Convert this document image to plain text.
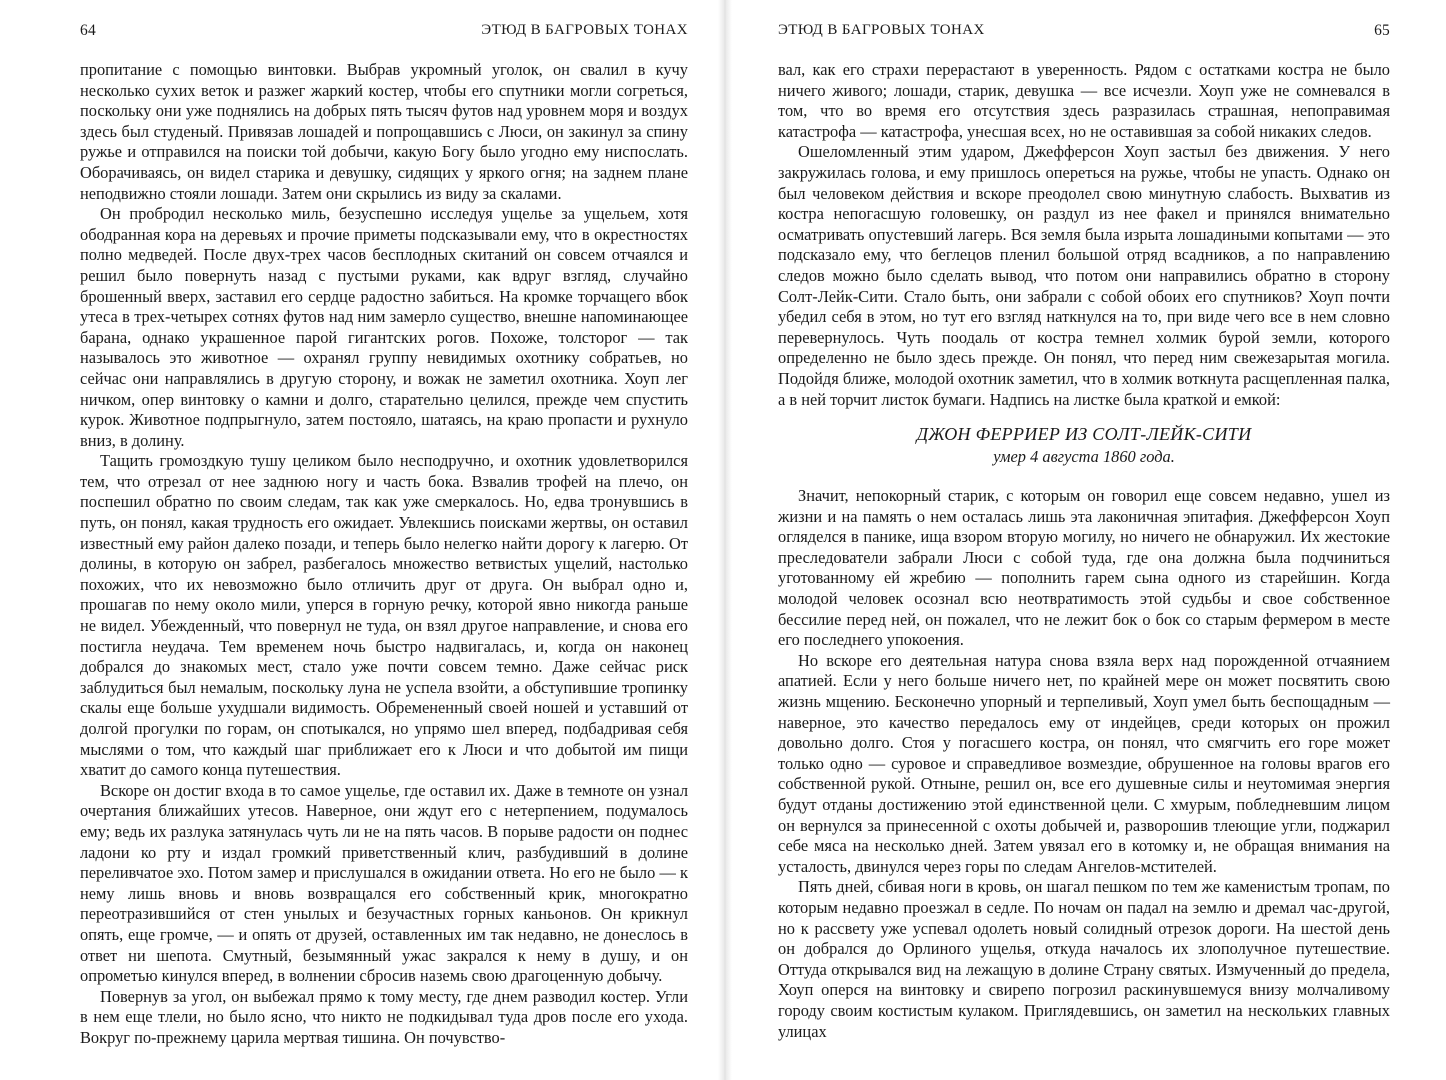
64	ЭТЮД В БАГРОВЫХ ТОНАХ

пропитание с помощью винтовки. Выбрав укромный уголок, он свалил в кучу несколько сухих веток и разжег жаркий костер, чтобы его спутники могли согреться, поскольку они уже поднялись на добрых пять тысяч футов над уровнем моря и воздух здесь был студеный. Привязав лошадей и попрощавшись с Люси, он закинул за спину ружье и отправился на поиски той добычи, какую Богу было угодно ему ниспослать. Оборачиваясь, он видел старика и девушку, сидящих у яркого огня; на заднем плане неподвижно стояли лошади. Затем они скрылись из виду за скалами.

Он пробродил несколько миль, безуспешно исследуя ущелье за ущельем, хотя ободранная кора на деревьях и прочие приметы подсказывали ему, что в окрестностях полно медведей. После двух-трех часов бесплодных скитаний он совсем отчаялся и решил было повернуть назад с пустыми руками, как вдруг взгляд, случайно брошенный вверх, заставил его сердце радостно забиться. На кромке торчащего вбок утеса в трех-четырех сотнях футов над ним замерло существо, внешне напоминающее барана, однако украшенное парой гигантских рогов. Похоже, толсторог — так называлось это животное — охранял группу невидимых охотнику собратьев, но сейчас они направлялись в другую сторону, и вожак не заметил охотника. Хоуп лег ничком, опер винтовку о камни и долго, старательно целился, прежде чем спустить курок. Животное подпрыгнуло, затем постояло, шатаясь, на краю пропасти и рухнуло вниз, в долину.

Тащить громоздкую тушу целиком было несподручно, и охотник удовлетворился тем, что отрезал от нее заднюю ногу и часть бока. Взвалив трофей на плечо, он поспешил обратно по своим следам, так как уже смеркалось. Но, едва тронувшись в путь, он понял, какая трудность его ожидает. Увлекшись поисками жертвы, он оставил известный ему район далеко позади, и теперь было нелегко найти дорогу к лагерю. От долины, в которую он забрел, разбегалось множество ветвистых ущелий, настолько похожих, что их невозможно было отличить друг от друга. Он выбрал одно и, прошагав по нему около мили, уперся в горную речку, которой явно никогда раньше не видел. Убежденный, что повернул не туда, он взял другое направление, и снова его постигла неудача. Тем временем ночь быстро надвигалась, и, когда он наконец добрался до знакомых мест, стало уже почти совсем темно. Даже сейчас риск заблудиться был немалым, поскольку луна не успела взойти, а обступившие тропинку скалы еще больше ухудшали видимость. Обремененный своей ношей и уставший от долгой прогулки по горам, он спотыкался, но упрямо шел вперед, подбадривая себя мыслями о том, что каждый шаг приближает его к Люси и что добытой им пищи хватит до самого конца путешествия.

Вскоре он достиг входа в то самое ущелье, где оставил их. Даже в темноте он узнал очертания ближайших утесов. Наверное, они ждут его с нетерпением, подумалось ему; ведь их разлука затянулась чуть ли не на пять часов. В порыве радости он поднес ладони ко рту и издал громкий приветственный клич, разбудивший в долине переливчатое эхо. Потом замер и прислушался в ожидании ответа. Но его не было — к нему лишь вновь и вновь возвращался его собственный крик, многократно переотразившийся от стен унылых и безучастных горных каньонов. Он крикнул опять, еще громче, — и опять от друзей, оставленных им так недавно, не донеслось в ответ ни шепота. Смутный, безымянный ужас закрался к нему в душу, и он опрометью кинулся вперед, в волнении сбросив наземь свою драгоценную добычу.

Повернув за угол, он выбежал прямо к тому месту, где днем разводил костер. Угли в нем еще тлели, но было ясно, что никто не подкидывал туда дров после его ухода. Вокруг по-прежнему царила мертвая тишина. Он почувство-

ЭТЮД В БАГРОВЫХ ТОНАХ	65

вал, как его страхи перерастают в уверенность. Рядом с остатками костра не было ничего живого; лошади, старик, девушка — все исчезли. Хоуп уже не сомневался в том, что во время его отсутствия здесь разразилась страшная, непоправимая катастрофа — катастрофа, унесшая всех, но не оставившая за собой никаких следов.

Ошеломленный этим ударом, Джефферсон Хоуп застыл без движения. У него закружилась голова, и ему пришлось опереться на ружье, чтобы не упасть. Однако он был человеком действия и вскоре преодолел свою минутную слабость. Выхватив из костра непогасшую головешку, он раздул из нее факел и принялся внимательно осматривать опустевший лагерь. Вся земля была изрыта лошадиными копытами — это подсказало ему, что беглецов пленил большой отряд всадников, а по направлению следов можно было сделать вывод, что потом они направились обратно в сторону Солт-Лейк-Сити. Стало быть, они забрали с собой обоих его спутников? Хоуп почти убедил себя в этом, но тут его взгляд наткнулся на то, при виде чего все в нем словно перевернулось. Чуть поодаль от костра темнел холмик бурой земли, которого определенно не было здесь прежде. Он понял, что перед ним свежезарытая могила. Подойдя ближе, молодой охотник заметил, что в холмик воткнута расщепленная палка, а в ней торчит листок бумаги. Надпись на листке была краткой и емкой:

ДЖОН ФЕРРИЕР ИЗ СОЛТ-ЛЕЙК-СИТИ
умер 4 августа 1860 года.

Значит, непокорный старик, с которым он говорил еще совсем недавно, ушел из жизни и на память о нем осталась лишь эта лаконичная эпитафия. Джефферсон Хоуп огляделся в панике, ища взором вторую могилу, но ничего не обнаружил. Их жестокие преследователи забрали Люси с собой туда, где она должна была подчиниться уготованному ей жребию — пополнить гарем сына одного из старейшин. Когда молодой человек осознал всю неотвратимость этой судьбы и свое собственное бессилие перед ней, он пожалел, что не лежит бок о бок со старым фермером в месте его последнего упокоения.

Но вскоре его деятельная натура снова взяла верх над порожденной отчаянием апатией. Если у него больше ничего нет, по крайней мере он может посвятить свою жизнь мщению. Бесконечно упорный и терпеливый, Хоуп умел быть беспощадным — наверное, это качество передалось ему от индейцев, среди которых он прожил довольно долго. Стоя у погасшего костра, он понял, что смягчить его горе может только одно — суровое и справедливое возмездие, обрушенное на головы врагов его собственной рукой. Отныне, решил он, все его душевные силы и неутомимая энергия будут отданы достижению этой единственной цели. С хмурым, побледневшим лицом он вернулся за принесенной с охоты добычей и, разворошив тлеющие угли, поджарил себе мяса на несколько дней. Затем увязал его в котомку и, не обращая внимания на усталость, двинулся через горы по следам Ангелов-мстителей.

Пять дней, сбивая ноги в кровь, он шагал пешком по тем же каменистым тропам, по которым недавно проезжал в седле. По ночам он падал на землю и дремал час-другой, но к рассвету уже успевал одолеть новый солидный отрезок дороги. На шестой день он добрался до Орлиного ущелья, откуда началось их злополучное путешествие. Оттуда открывался вид на лежащую в долине Страну святых. Измученный до предела, Хоуп оперся на винтовку и свирепо погрозил раскинувшемуся внизу молчаливому городу своим костистым кулаком. Приглядевшись, он заметил на нескольких главных улицах
